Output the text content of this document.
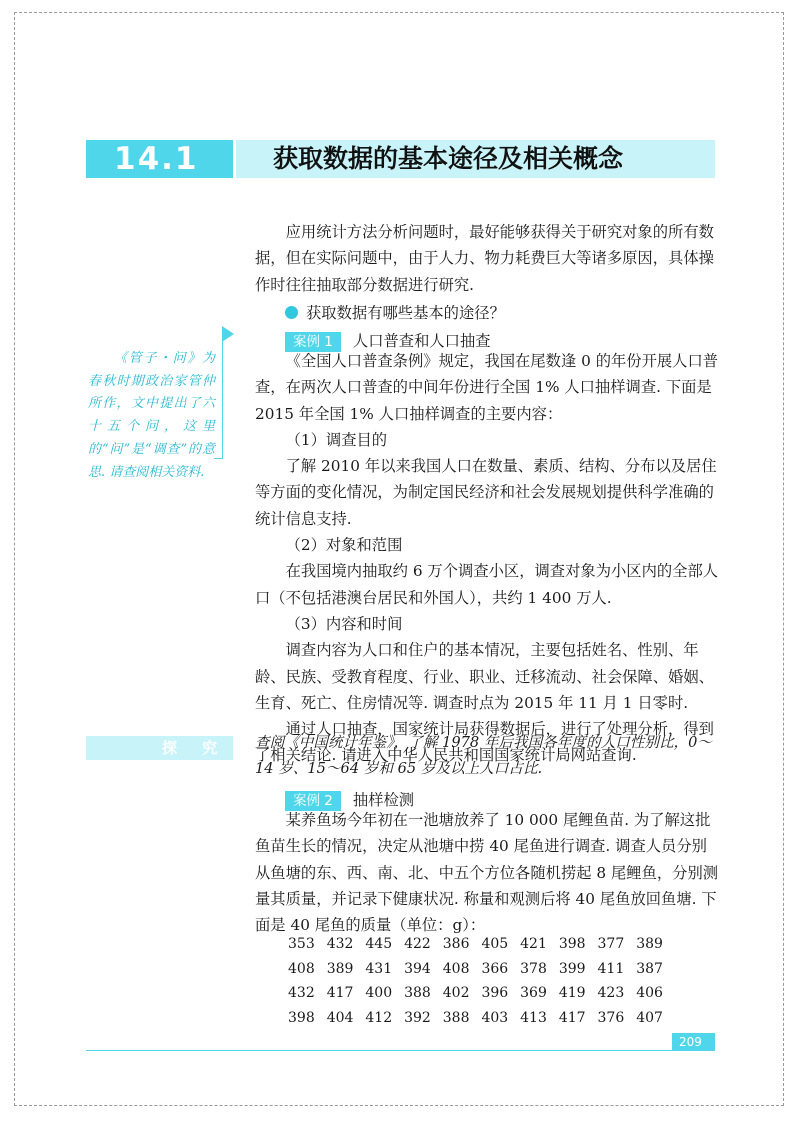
14.1	获取数据的基本途径及相关概念

应用统计方法分析问题时，最好能够获得关于研究对象的所有数据，但在实际问题中，由于人力、物力耗费巨大等诸多原因，具体操作时往往抽取部分数据进行研究.

获取数据有哪些基本的途径？
案例 1 人口普查和人口抽查

《全国人口普查条例》规定，我国在尾数逢 0 的年份开展人口普查，在两次人口普查的中间年份进行全国 1% 人口抽样调查. 下面是 2015 年全国 1% 人口抽样调查的主要内容：

（1）调查目的

了解 2010 年以来我国人口在数量、素质、结构、分布以及居住等方面的变化情况，为制定国民经济和社会发展规划提供科学准确的统计信息支持.

（2）对象和范围

在我国境内抽取约 6 万个调查小区，调查对象为小区内的全部人口（不包括港澳台居民和外国人），共约 1 400 万人.

（3）内容和时间

调查内容为人口和住户的基本情况，主要包括姓名、性别、年龄、民族、受教育程度、行业、职业、迁移流动、社会保障、婚姻、生育、死亡、住房情况等. 调查时点为 2015 年 11 月 1 日零时.

通过人口抽查，国家统计局获得数据后，进行了处理分析，得到了相关结论. 请进入中华人民共和国国家统计局网站查询.

《管子・问》为春秋时期政治家管仲所作，文中提出了六十五个问，这里的“问”是“调查”的意思. 请查阅相关资料.
探 究 查阅《中国统计年鉴》，了解 1978 年后我国各年度的人口性别比，0～14 岁、15～64 岁和 65 岁及以上人口占比.
案例 2 抽样检测

某养鱼场今年初在一池塘放养了 10 000 尾鲤鱼苗. 为了解这批鱼苗生长的情况，决定从池塘中捞 40 尾鱼进行调查. 调查人员分别从鱼塘的东、西、南、北、中五个方位各随机捞起 8 尾鲤鱼，分别测量其质量，并记录下健康状况. 称量和观测后将 40 尾鱼放回鱼塘. 下面是 40 尾鱼的质量（单位：g）：

353	432	445	422	386	405	421	398	377	389
408	389	431	394	408	366	378	399	411	387
432	417	400	388	402	396	369	419	423	406
398	404	412	392	388	403	413	417	376	407
209
